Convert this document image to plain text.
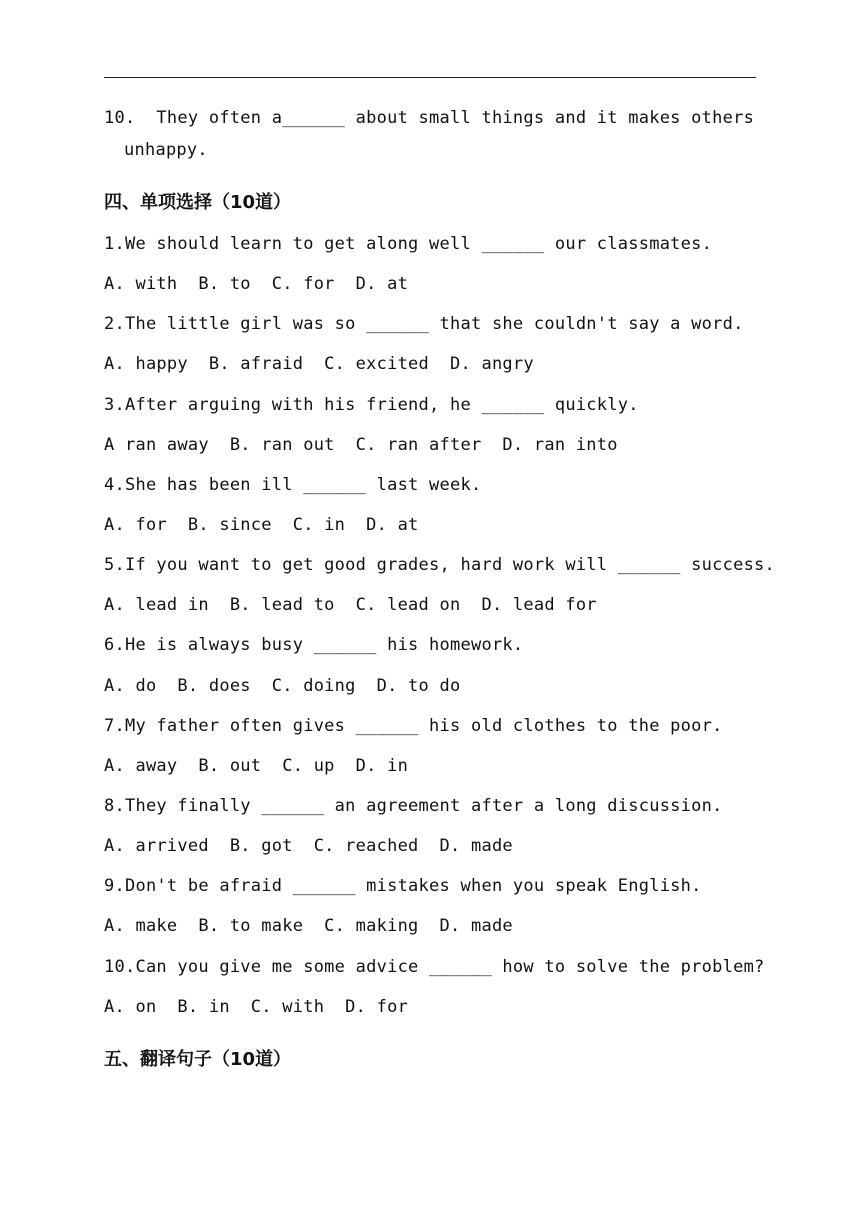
10.  They often a______ about small things and it makes others
unhappy.
四、单项选择（10道）
1.We should learn to get along well ______ our classmates.
A. with  B. to  C. for  D. at
2.The little girl was so ______ that she couldn't say a word.
A. happy  B. afraid  C. excited  D. angry
3.After arguing with his friend, he ______ quickly.
A ran away  B. ran out  C. ran after  D. ran into
4.She has been ill ______ last week.
A. for  B. since  C. in  D. at
5.If you want to get good grades, hard work will ______ success.
A. lead in  B. lead to  C. lead on  D. lead for
6.He is always busy ______ his homework.
A. do  B. does  C. doing  D. to do
7.My father often gives ______ his old clothes to the poor.
A. away  B. out  C. up  D. in
8.They finally ______ an agreement after a long discussion.
A. arrived  B. got  C. reached  D. made
9.Don't be afraid ______ mistakes when you speak English.
A. make  B. to make  C. making  D. made
10.Can you give me some advice ______ how to solve the problem?
A. on  B. in  C. with  D. for
五、翻译句子（10道）
